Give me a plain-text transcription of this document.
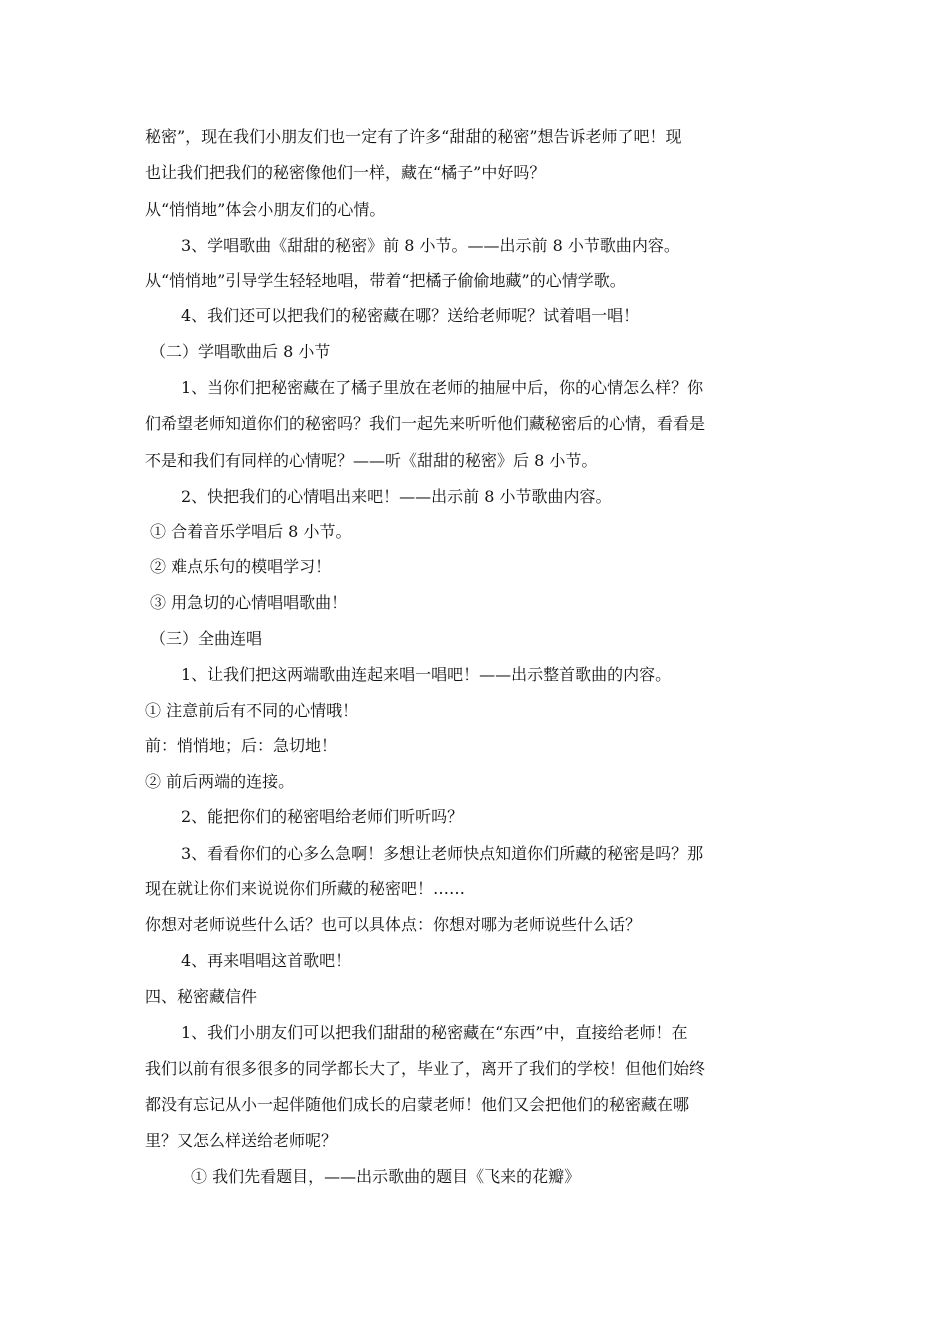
秘密”，现在我们小朋友们也一定有了许多“甜甜的秘密”想告诉老师了吧！现
也让我们把我们的秘密像他们一样，藏在“橘子”中好吗？
从“悄悄地”体会小朋友们的心情。
3、学唱歌曲《甜甜的秘密》前 8 小节。——出示前 8 小节歌曲内容。
从“悄悄地”引导学生轻轻地唱，带着“把橘子偷偷地藏”的心情学歌。
4、我们还可以把我们的秘密藏在哪？送给老师呢？试着唱一唱！
（二）学唱歌曲后 8 小节
1、当你们把秘密藏在了橘子里放在老师的抽屉中后，你的心情怎么样？你
们希望老师知道你们的秘密吗？我们一起先来听听他们藏秘密后的心情，看看是
不是和我们有同样的心情呢？——听《甜甜的秘密》后 8 小节。
2、快把我们的心情唱出来吧！——出示前 8 小节歌曲内容。
① 合着音乐学唱后 8 小节。
② 难点乐句的模唱学习！
③ 用急切的心情唱唱歌曲！
（三）全曲连唱
1、让我们把这两端歌曲连起来唱一唱吧！——出示整首歌曲的内容。
① 注意前后有不同的心情哦！
前：悄悄地；后：急切地！
② 前后两端的连接。
2、能把你们的秘密唱给老师们听听吗？
3、看看你们的心多么急啊！多想让老师快点知道你们所藏的秘密是吗？那
现在就让你们来说说你们所藏的秘密吧！……
你想对老师说些什么话？也可以具体点：你想对哪为老师说些什么话？
4、再来唱唱这首歌吧！
四、秘密藏信件
1、我们小朋友们可以把我们甜甜的秘密藏在“东西”中，直接给老师！在
我们以前有很多很多的同学都长大了，毕业了，离开了我们的学校！但他们始终
都没有忘记从小一起伴随他们成长的启蒙老师！他们又会把他们的秘密藏在哪
里？又怎么样送给老师呢？
① 我们先看题目，——出示歌曲的题目《飞来的花瓣》
